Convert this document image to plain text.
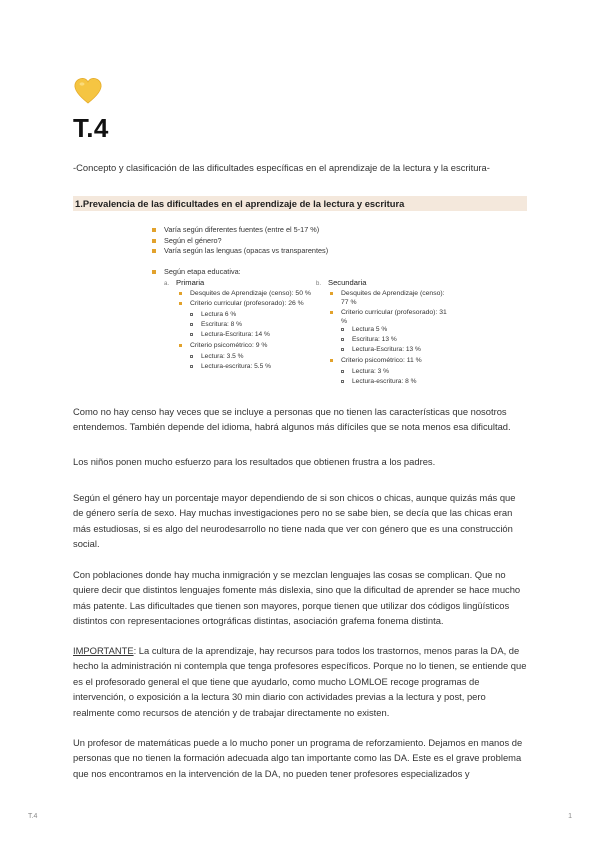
T.4
-Concepto y clasificación de las dificultades específicas en el aprendizaje de la lectura y la escritura-
1.Prevalencia de las dificultades en el aprendizaje de la lectura y escritura
Varía según diferentes fuentes (entre el 5-17 %)
Según el género?
Varía según las lenguas (opacas vs transparentes)
Según etapa educativa:
a. Primaria
Desquites de Aprendizaje (censo): 50 %
Criterio curricular (profesorado): 26 %
Lectura 6 %
Escritura: 8 %
Lectura-Escritura: 14 %
Criterio psicométrico: 9 %
Lectura: 3.5 %
Lectura-escritura: 5.5 %
b. Secundaria
Desquites de Aprendizaje (censo):
77 %
Criterio curricular (profesorado): 31
%
Lectura 5 %
Escritura: 13 %
Lectura-Escritura: 13 %
Criterio psicométrico: 11 %
Lectura: 3 %
Lectura-escritura: 8 %
Como no hay censo hay veces que se incluye a personas que no tienen las características que nosotros entendemos. También depende del idioma, habrá algunos más difíciles que se nota menos esa dificultad.
Los niños ponen mucho esfuerzo para los resultados que obtienen frustra a los padres.
Según el género hay un porcentaje mayor dependiendo de si son chicos o chicas, aunque quizás más que de género sería de sexo. Hay muchas investigaciones pero no se sabe bien, se decía que las chicas eran más estudiosas, si es algo del neurodesarrollo no tiene nada que ver con género que es una construcción social.
Con poblaciones donde hay mucha inmigración y se mezclan lenguajes las cosas se complican. Que no quiere decir que distintos lenguajes fomente más dislexia, sino que la dificultad de aprender se hace mucho más patente. Las dificultades que tienen son mayores, porque tienen que utilizar dos códigos lingüísticos distintos con representaciones ortográficas distintas, asociación grafema fonema distinta.
IMPORTANTE: La cultura de la aprendizaje, hay recursos para todos los trastornos, menos paras la DA, de hecho la administración ni contempla que tenga profesores específicos. Porque no lo tienen, se entiende que es el profesorado general el que tiene que ayudarlo, como mucho LOMLOE recoge programas de intervención, o exposición a la lectura 30 min diario con actividades previas a la lectura y post, pero realmente como recursos de atención y de trabajar directamente no existen.
Un profesor de matemáticas puede a lo mucho poner un programa de reforzamiento. Dejamos en manos de personas que no tienen la formación adecuada algo tan importante como las DA. Este es el grave problema que nos encontramos en la intervención de la DA, no pueden tener profesores especializados y
T.4	1
